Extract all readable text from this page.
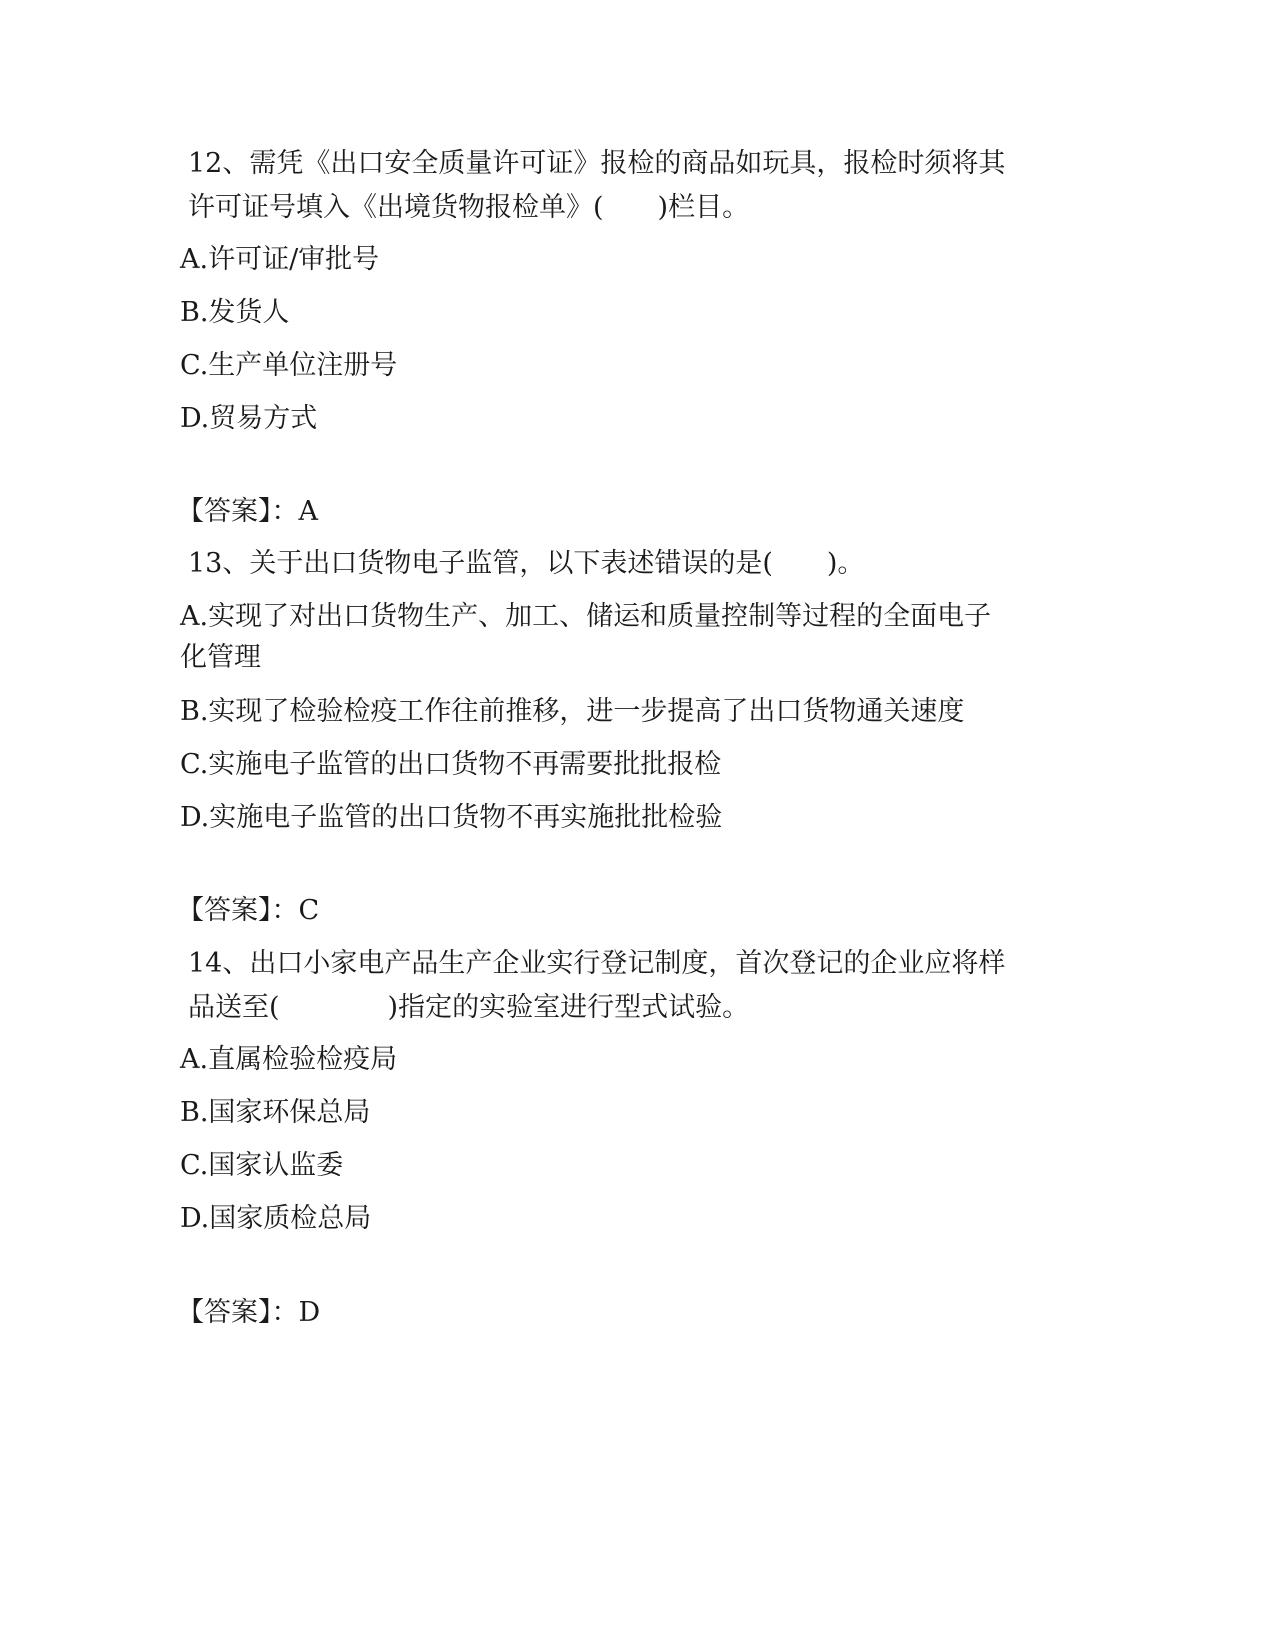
12、需凭《出口安全质量许可证》报检的商品如玩具，报检时须将其

许可证号填入《出境货物报检单》(　　)栏目。

A.许可证/审批号

B.发货人

C.生产单位注册号

D.贸易方式

【答案】：A

13、关于出口货物电子监管，以下表述错误的是(　　)。

A.实现了对出口货物生产、加工、储运和质量控制等过程的全面电子

化管理

B.实现了检验检疫工作往前推移，进一步提高了出口货物通关速度

C.实施电子监管的出口货物不再需要批批报检

D.实施电子监管的出口货物不再实施批批检验

【答案】：C

14、出口小家电产品生产企业实行登记制度，首次登记的企业应将样

品送至(　　　　)指定的实验室进行型式试验。

A.直属检验检疫局

B.国家环保总局

C.国家认监委

D.国家质检总局

【答案】：D
